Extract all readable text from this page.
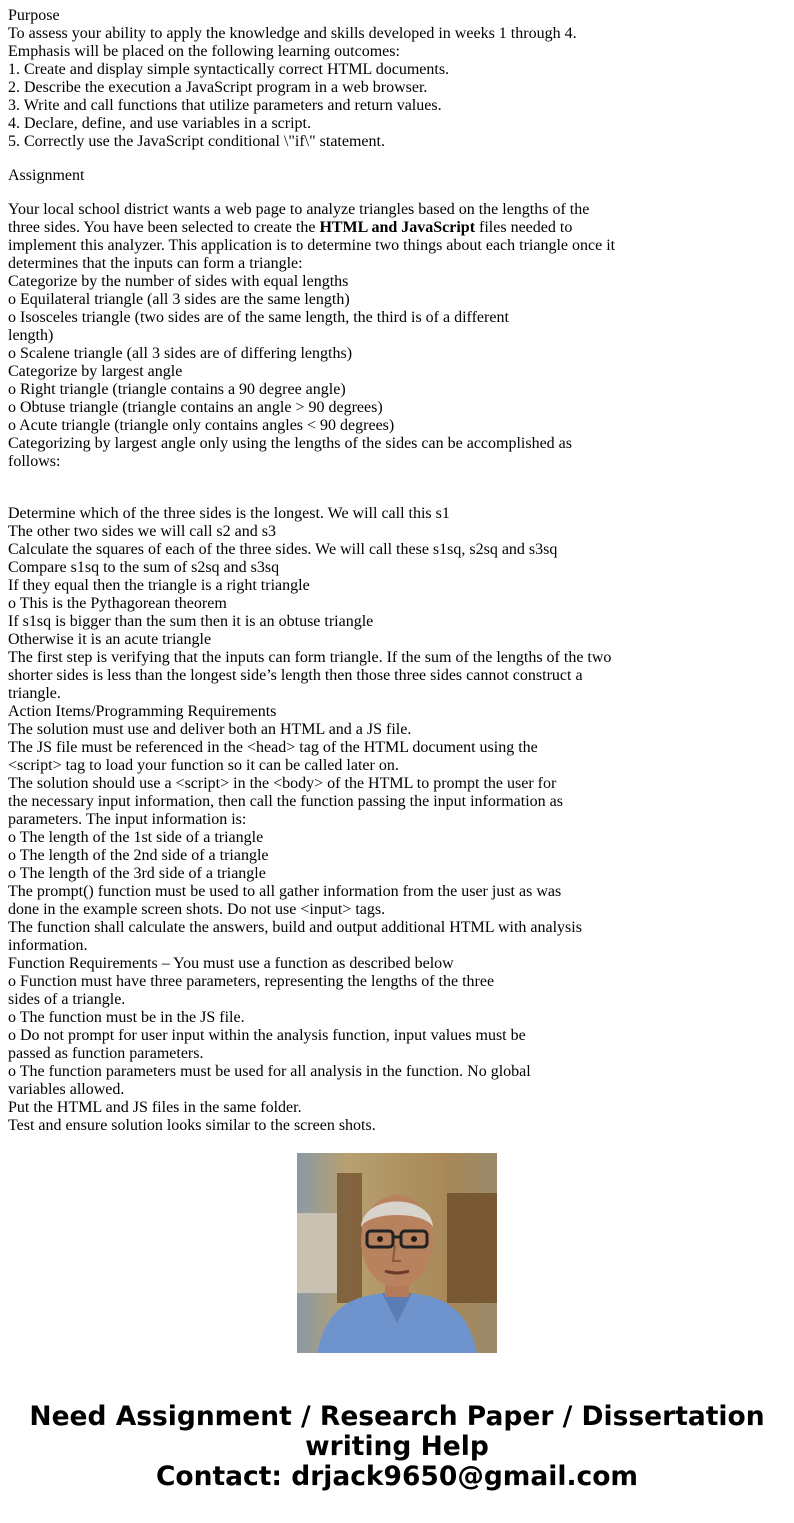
Purpose
To assess your ability to apply the knowledge and skills developed in weeks 1 through 4.
Emphasis will be placed on the following learning outcomes:
1. Create and display simple syntactically correct HTML documents.
2. Describe the execution a JavaScript program in a web browser.
3. Write and call functions that utilize parameters and return values.
4. Declare, define, and use variables in a script.
5. Correctly use the JavaScript conditional \"if\" statement.
Assignment
Your local school district wants a web page to analyze triangles based on the lengths of the
three sides. You have been selected to create the HTML and JavaScript files needed to
implement this analyzer. This application is to determine two things about each triangle once it
determines that the inputs can form a triangle:
Categorize by the number of sides with equal lengths
o Equilateral triangle (all 3 sides are the same length)
o Isosceles triangle (two sides are of the same length, the third is of a different
length)
o Scalene triangle (all 3 sides are of differing lengths)
Categorize by largest angle
o Right triangle (triangle contains a 90 degree angle)
o Obtuse triangle (triangle contains an angle > 90 degrees)
o Acute triangle (triangle only contains angles < 90 degrees)
Categorizing by largest angle only using the lengths of the sides can be accomplished as
follows:
Determine which of the three sides is the longest. We will call this s1
The other two sides we will call s2 and s3
Calculate the squares of each of the three sides. We will call these s1sq, s2sq and s3sq
Compare s1sq to the sum of s2sq and s3sq
If they equal then the triangle is a right triangle
o This is the Pythagorean theorem
If s1sq is bigger than the sum then it is an obtuse triangle
Otherwise it is an acute triangle
The first step is verifying that the inputs can form triangle. If the sum of the lengths of the two
shorter sides is less than the longest side’s length then those three sides cannot construct a
triangle.
Action Items/Programming Requirements
The solution must use and deliver both an HTML and a JS file.
The JS file must be referenced in the <head> tag of the HTML document using the
<script> tag to load your function so it can be called later on.
The solution should use a <script> in the <body> of the HTML to prompt the user for
the necessary input information, then call the function passing the input information as
parameters. The input information is:
o The length of the 1st side of a triangle
o The length of the 2nd side of a triangle
o The length of the 3rd side of a triangle
The prompt() function must be used to all gather information from the user just as was
done in the example screen shots. Do not use <input> tags.
The function shall calculate the answers, build and output additional HTML with analysis
information.
Function Requirements – You must use a function as described below
o Function must have three parameters, representing the lengths of the three
sides of a triangle.
o The function must be in the JS file.
o Do not prompt for user input within the analysis function, input values must be
passed as function parameters.
o The function parameters must be used for all analysis in the function. No global
variables allowed.
Put the HTML and JS files in the same folder.
Test and ensure solution looks similar to the screen shots.
Need Assignment / Research Paper / Dissertation
writing Help
Contact: drjack9650@gmail.com
